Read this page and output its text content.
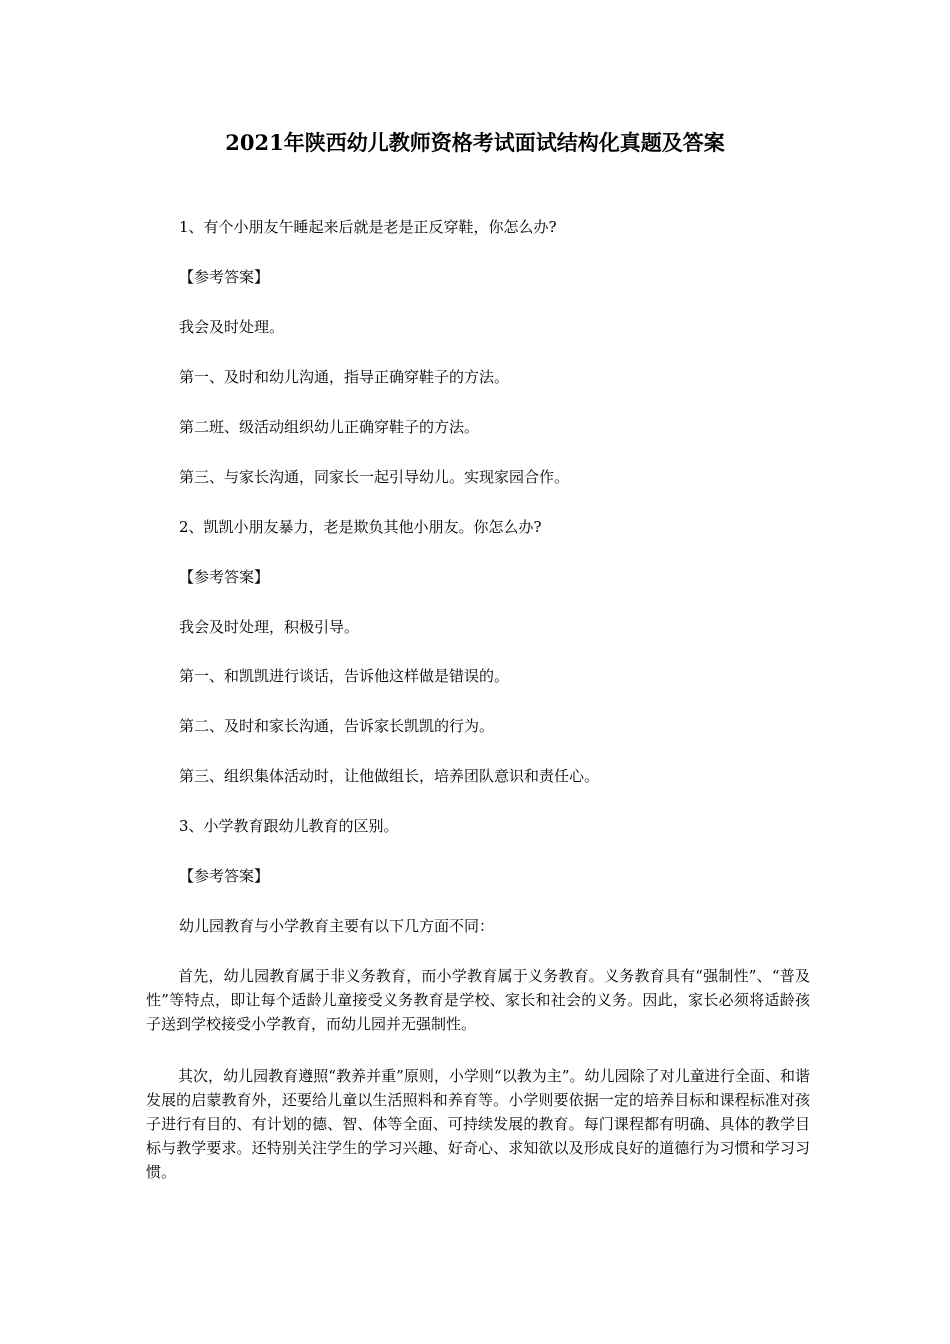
2021年陕西幼儿教师资格考试面试结构化真题及答案
1、有个小朋友午睡起来后就是老是正反穿鞋，你怎么办?
【参考答案】
我会及时处理。
第一、及时和幼儿沟通，指导正确穿鞋子的方法。
第二班、级活动组织幼儿正确穿鞋子的方法。
第三、与家长沟通，同家长一起引导幼儿。实现家园合作。
2、凯凯小朋友暴力，老是欺负其他小朋友。你怎么办?
【参考答案】
我会及时处理，积极引导。
第一、和凯凯进行谈话，告诉他这样做是错误的。
第二、及时和家长沟通，告诉家长凯凯的行为。
第三、组织集体活动时，让他做组长，培养团队意识和责任心。
3、小学教育跟幼儿教育的区别。
【参考答案】
幼儿园教育与小学教育主要有以下几方面不同：
首先，幼儿园教育属于非义务教育，而小学教育属于义务教育。义务教育具有“强制性”、“普及性”等特点，即让每个适龄儿童接受义务教育是学校、家长和社会的义务。因此，家长必须将适龄孩子送到学校接受小学教育，而幼儿园并无强制性。
其次，幼儿园教育遵照“教养并重”原则，小学则“以教为主”。幼儿园除了对儿童进行全面、和谐发展的启蒙教育外，还要给儿童以生活照料和养育等。小学则要依据一定的培养目标和课程标准对孩子进行有目的、有计划的德、智、体等全面、可持续发展的教育。每门课程都有明确、具体的教学目标与教学要求。还特别关注学生的学习兴趣、好奇心、求知欲以及形成良好的道德行为习惯和学习习惯。
